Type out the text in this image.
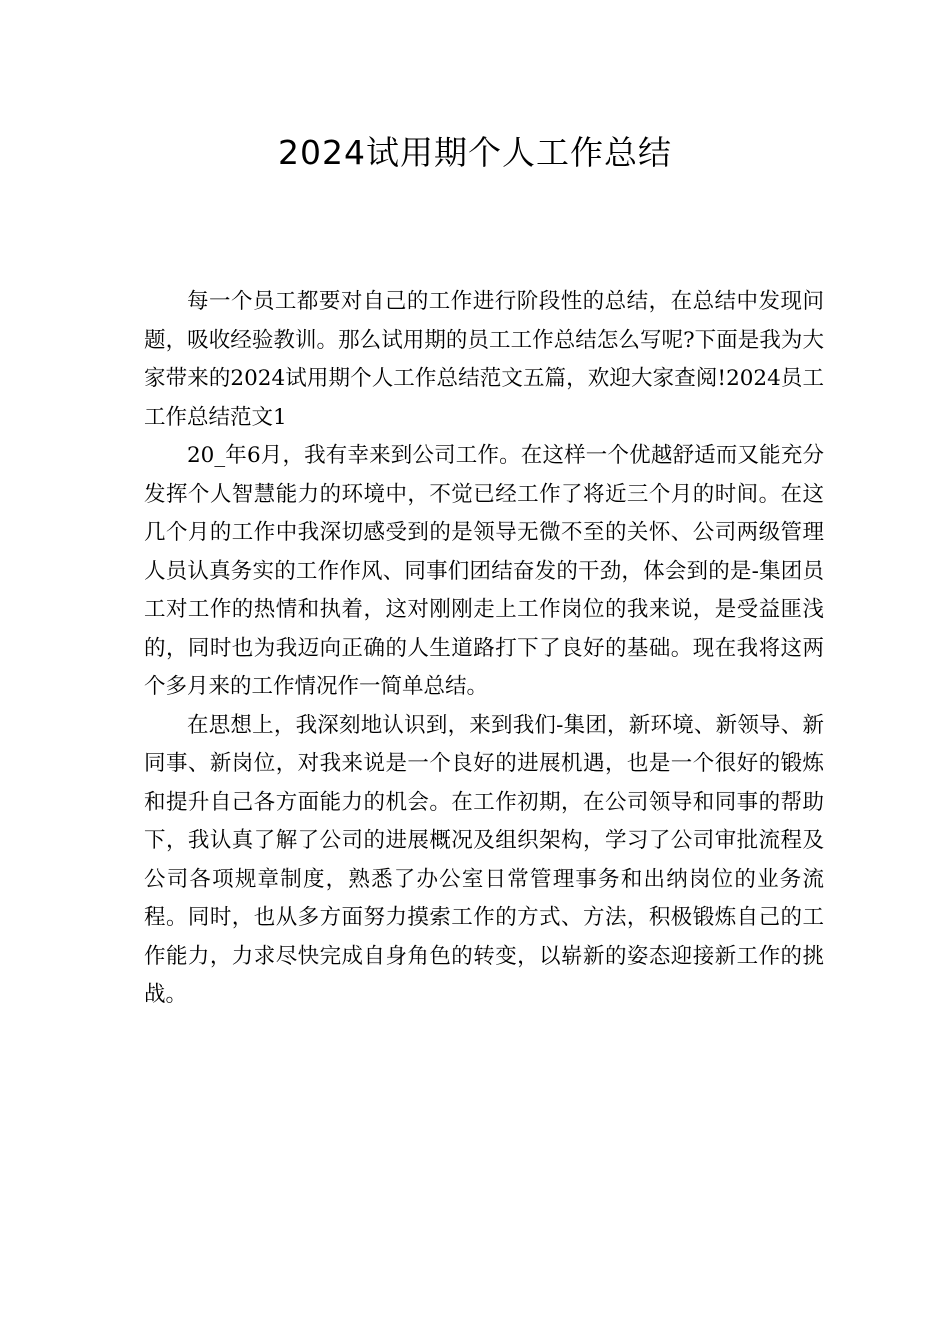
2024试用期个人工作总结

每一个员工都要对自己的工作进行阶段性的总结，在总结中发现问题，吸收经验教训。那么试用期的员工工作总结怎么写呢?下面是我为大家带来的2024试用期个人工作总结范文五篇，欢迎大家查阅!2024员工工作总结范文1

20_年6月，我有幸来到公司工作。在这样一个优越舒适而又能充分发挥个人智慧能力的环境中，不觉已经工作了将近三个月的时间。在这几个月的工作中我深切感受到的是领导无微不至的关怀、公司两级管理人员认真务实的工作作风、同事们团结奋发的干劲，体会到的是-集团员工对工作的热情和执着，这对刚刚走上工作岗位的我来说，是受益匪浅的，同时也为我迈向正确的人生道路打下了良好的基础。现在我将这两个多月来的工作情况作一简单总结。

在思想上，我深刻地认识到，来到我们-集团，新环境、新领导、新同事、新岗位，对我来说是一个良好的进展机遇，也是一个很好的锻炼和提升自己各方面能力的机会。在工作初期，在公司领导和同事的帮助下，我认真了解了公司的进展概况及组织架构，学习了公司审批流程及公司各项规章制度，熟悉了办公室日常管理事务和出纳岗位的业务流程。同时，也从多方面努力摸索工作的方式、方法，积极锻炼自己的工作能力，力求尽快完成自身角色的转变，以崭新的姿态迎接新工作的挑战。
